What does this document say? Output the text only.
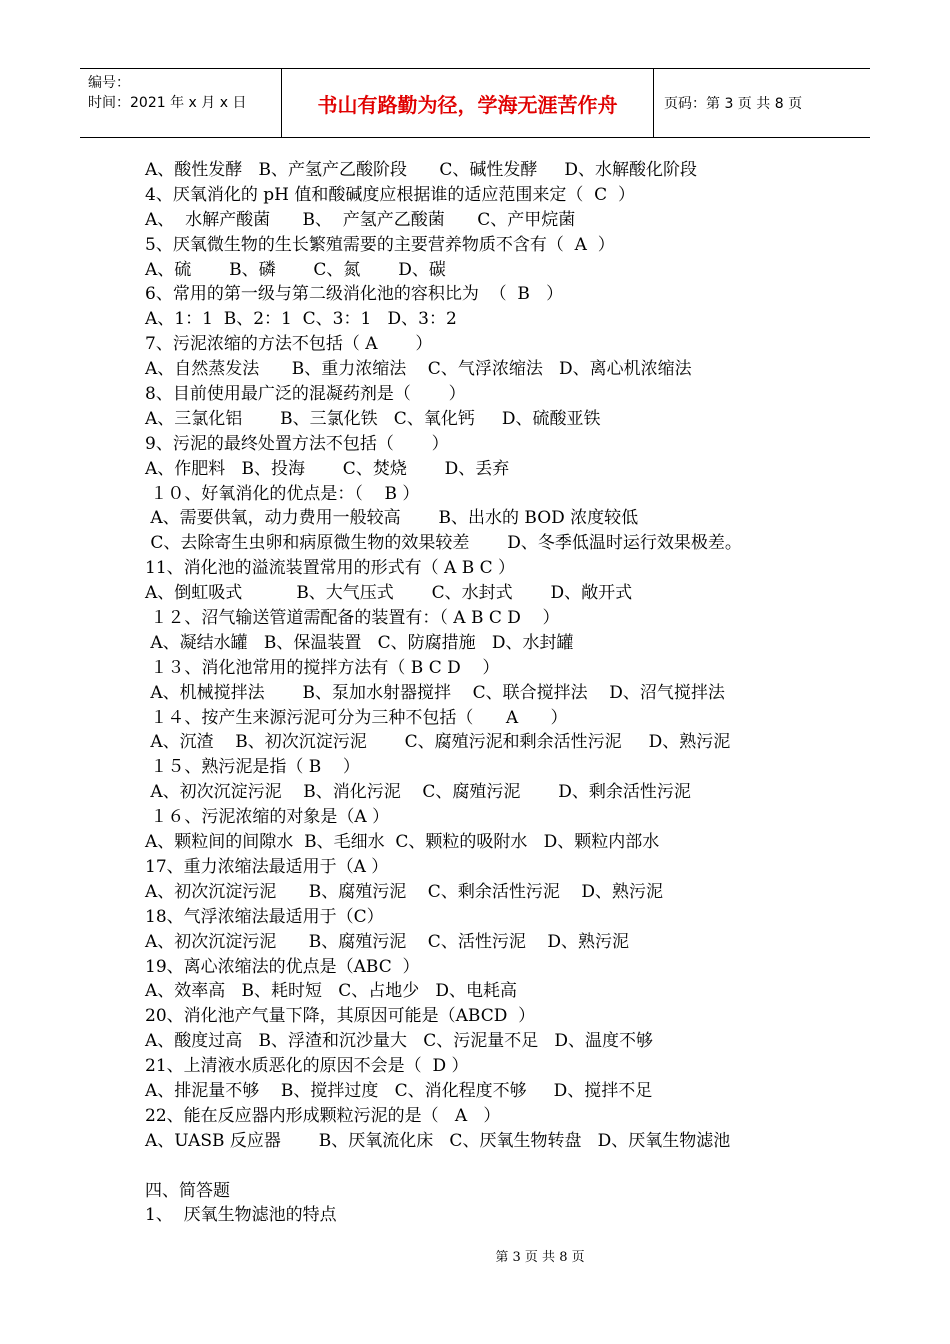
编号：
时间：2021 年 x 月 x 日	书山有路勤为径，学海无涯苦作舟	页码：第 3 页 共 8 页
A、酸性发酵   B、产氢产乙酸阶段      C、碱性发酵     D、水解酸化阶段
4、厌氧消化的 pH 值和酸碱度应根据谁的适应范围来定（  C  ）
A、  水解产酸菌      B、  产氢产乙酸菌      C、产甲烷菌
5、厌氧微生物的生长繁殖需要的主要营养物质不含有（  A  ）
A、硫       B、磷       C、氮       D、碳
6、常用的第一级与第二级消化池的容积比为  （  B   ）
A、1：1  B、2：1  C、3：1   D、3：2
7、污泥浓缩的方法不包括（ A       ）
A、自然蒸发法      B、重力浓缩法    C、气浮浓缩法   D、离心机浓缩法
8、目前使用最广泛的混凝药剂是（       ）
A、三氯化铝       B、三氯化铁   C、氧化钙     D、硫酸亚铁
9、污泥的最终处置方法不包括（       ）
A、作肥料   B、投海       C、焚烧       D、丢弃
１０、好氧消化的优点是：（    B ）
A、需要供氧，动力费用一般较高       B、出水的 BOD 浓度较低
C、去除寄生虫卵和病原微生物的效果较差       D、冬季低温时运行效果极差。
11、消化池的溢流装置常用的形式有（ A B C ）
A、倒虹吸式          B、大气压式       C、水封式       D、敞开式
１２、沼气输送管道需配备的装置有：（ A B C D    ）
A、凝结水罐   B、保温装置   C、防腐措施   D、水封罐
１３、消化池常用的搅拌方法有（ B C D    ）
A、机械搅拌法       B、泵加水射器搅拌    C、联合搅拌法    D、沼气搅拌法
１４、按产生来源污泥可分为三种不包括（      A      ）
A、沉渣    B、初次沉淀污泥       C、腐殖污泥和剩余活性污泥     D、熟污泥
１５、熟污泥是指（ B    ）
A、初次沉淀污泥    B、消化污泥    C、腐殖污泥       D、剩余活性污泥
１６、污泥浓缩的对象是（A ）
A、颗粒间的间隙水  B、毛细水  C、颗粒的吸附水   D、颗粒内部水
17、重力浓缩法最适用于（A ）
A、初次沉淀污泥      B、腐殖污泥    C、剩余活性污泥    D、熟污泥
18、气浮浓缩法最适用于（C）
A、初次沉淀污泥      B、腐殖污泥    C、活性污泥    D、熟污泥
19、离心浓缩法的优点是（ABC  ）
A、效率高   B、耗时短   C、占地少   D、电耗高
20、消化池产气量下降，其原因可能是（ABCD  ）
A、酸度过高   B、浮渣和沉沙量大   C、污泥量不足   D、温度不够
21、上清液水质恶化的原因不会是（  D ）
A、排泥量不够    B、搅拌过度   C、消化程度不够     D、搅拌不足
22、能在反应器内形成颗粒污泥的是（   A   ）
A、UASB 反应器       B、厌氧流化床   C、厌氧生物转盘   D、厌氧生物滤池
四、简答题
1、  厌氧生物滤池的特点
第 3 页 共 8 页
